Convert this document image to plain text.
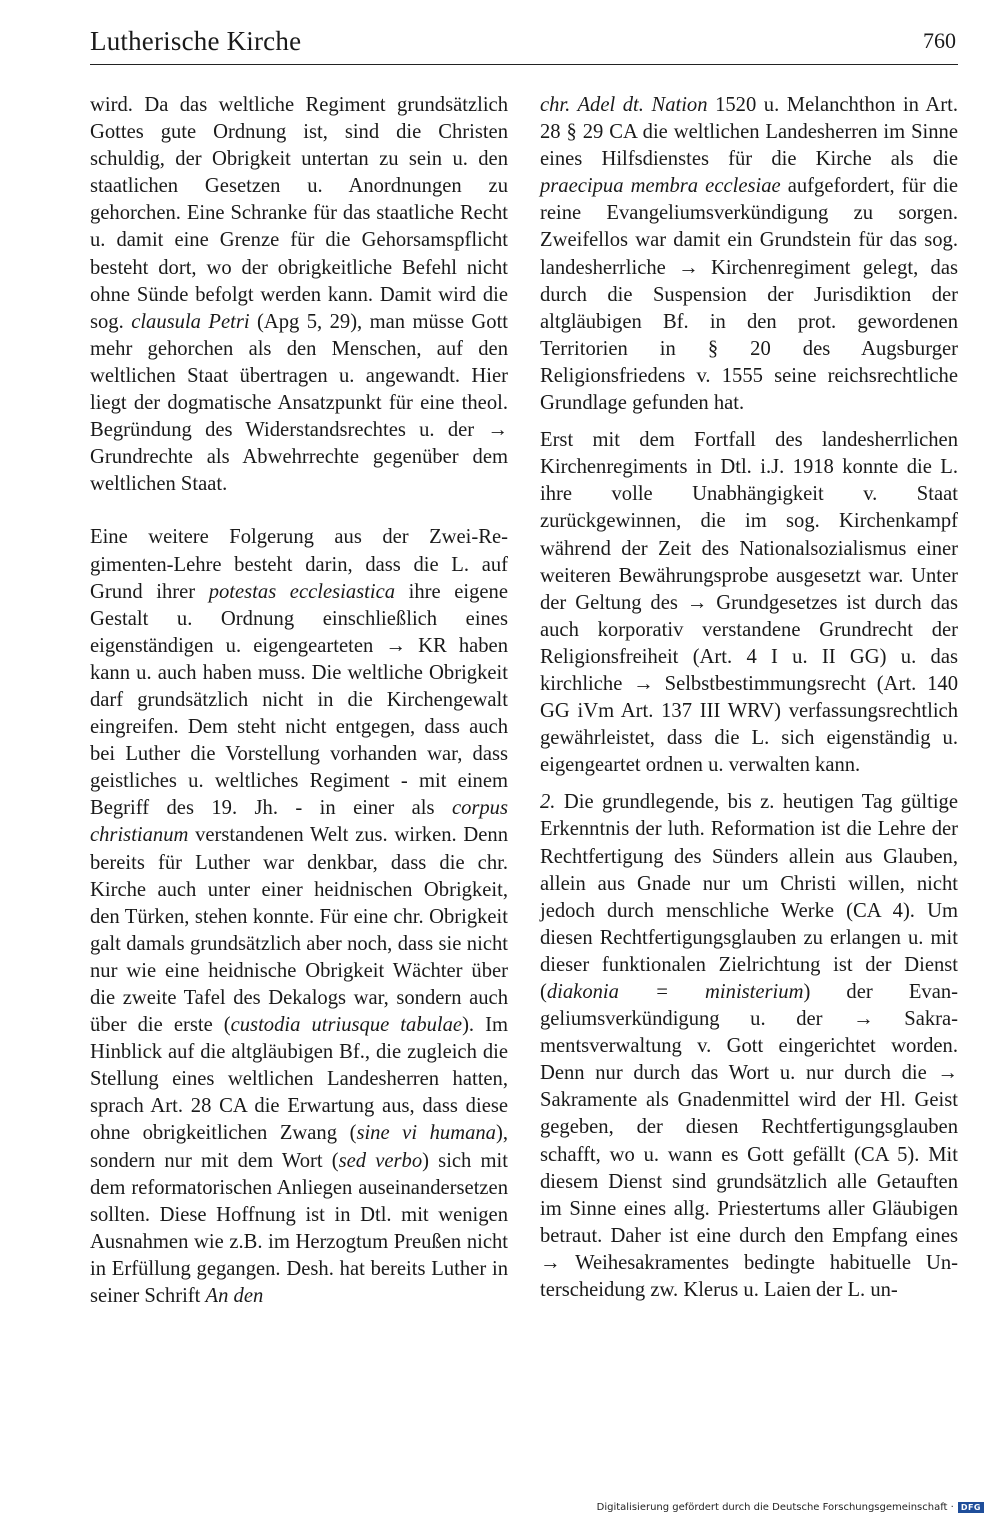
Lutherische Kirche	760

wird. Da das weltliche Regiment grundsätzlich Gottes gute Ordnung ist, sind die Christen schuldig, der Obrigkeit untertan zu sein u. den staatlichen Gesetzen u. Anordnungen zu gehorchen. Eine Schranke für das staatliche Recht u. damit eine Grenze für die Gehorsamspflicht besteht dort, wo der obrigkeitliche Befehl nicht ohne Sünde befolgt werden kann. Damit wird die sog. clausula Petri (Apg 5, 29), man müsse Gott mehr gehorchen als den Menschen, auf den weltlichen Staat übertragen u. angewandt. Hier liegt der dogmatische Ansatzpunkt für eine theol. Begründung des Widerstandsrechtes u. der → Grundrechte als Abwehrrechte gegenüber dem weltlichen Staat.

Eine weitere Folgerung aus der Zwei-Regimenten-Lehre besteht darin, dass die L. auf Grund ihrer potestas ecclesiastica ihre eigene Gestalt u. Ordnung einschließlich eines eigenständigen u. eigengearteten → KR haben kann u. auch haben muss. Die weltliche Obrigkeit darf grundsätzlich nicht in die Kirchengewalt eingreifen. Dem steht nicht entgegen, dass auch bei Luther die Vorstellung vorhanden war, dass geistliches u. weltliches Regiment - mit einem Begriff des 19. Jh. - in einer als corpus christianum verstandenen Welt zus. wirken. Denn bereits für Luther war denkbar, dass die chr. Kirche auch unter einer heidnischen Obrigkeit, den Türken, stehen konnte. Für eine chr. Obrigkeit galt damals grundsätzlich aber noch, dass sie nicht nur wie eine heidnische Obrigkeit Wächter über die zweite Tafel des Dekalogs war, sondern auch über die erste (custodia utriusque tabulae). Im Hinblick auf die altgläubigen Bf., die zugleich die Stellung eines weltlichen Landesherren hatten, sprach Art. 28 CA die Erwartung aus, dass diese ohne obrigkeitlichen Zwang (sine vi humana), sondern nur mit dem Wort (sed verbo) sich mit dem reformatorischen Anliegen auseinandersetzen sollten. Diese Hoffnung ist in Dtl. mit wenigen Ausnahmen wie z.B. im Herzogtum Preußen nicht in Erfüllung gegangen. Desh. hat bereits Luther in seiner Schrift An den

chr. Adel dt. Nation 1520 u. Melanchthon in Art. 28 § 29 CA die weltlichen Landesherren im Sinne eines Hilfsdienstes für die Kirche als die praecipua membra ecclesiae aufgefordert, für die reine Evangeliumsverkündigung zu sorgen. Zweifellos war damit ein Grundstein für das sog. landesherrliche → Kirchenregiment gelegt, das durch die Suspension der Jurisdiktion der altgläubigen Bf. in den prot. gewordenen Territorien in § 20 des Augsburger Religionsfriedens v. 1555 seine reichsrechtliche Grundlage gefunden hat.

Erst mit dem Fortfall des landesherrlichen Kirchenregiments in Dtl. i.J. 1918 konnte die L. ihre volle Unabhängigkeit v. Staat zurückgewinnen, die im sog. Kirchenkampf während der Zeit des Nationalsozialismus einer weiteren Bewährungsprobe ausgesetzt war. Unter der Geltung des → Grundgesetzes ist durch das auch korporativ verstandene Grundrecht der Religionsfreiheit (Art. 4 I u. II GG) u. das kirchliche → Selbstbestimmungsrecht (Art. 140 GG iVm Art. 137 III WRV) verfassungsrechtlich gewährleistet, dass die L. sich eigenständig u. eigengeartet ordnen u. verwalten kann.

2. Die grundlegende, bis z. heutigen Tag gültige Erkenntnis der luth. Reformation ist die Lehre der Rechtfertigung des Sünders allein aus Glauben, allein aus Gnade nur um Christi willen, nicht jedoch durch menschliche Werke (CA 4). Um diesen Rechtfertigungsglauben zu erlangen u. mit dieser funktionalen Zielrichtung ist der Dienst (diakonia = ministerium) der Evangeliumsverkündigung u. der → Sakramentsverwaltung v. Gott eingerichtet worden. Denn nur durch das Wort u. nur durch die → Sakramente als Gnadenmittel wird der Hl. Geist gegeben, der diesen Rechtfertigungsglauben schafft, wo u. wann es Gott gefällt (CA 5). Mit diesem Dienst sind grundsätzlich alle Getauften im Sinne eines allg. Priestertums aller Gläubigen betraut. Daher ist eine durch den Empfang eines → Weihesakramentes bedingte habituelle Unterscheidung zw. Klerus u. Laien der L. un-

Digitalisierung gefördert durch die Deutsche Forschungsgemeinschaft · DFG
